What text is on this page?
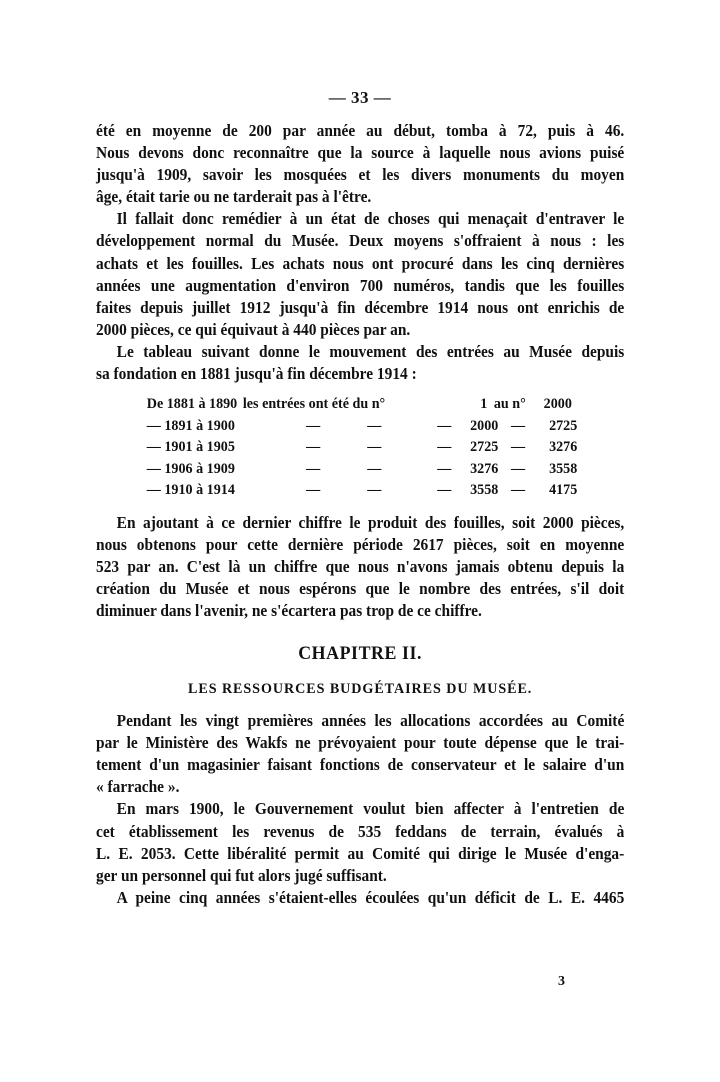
— 33 —
été en moyenne de 200 par année au début, tomba à 72, puis à 46.
Nous devons donc reconnaître que la source à laquelle nous avions puisé
jusqu'à 1909, savoir les mosquées et les divers monuments du moyen
âge, était tarie ou ne tarderait pas à l'être.
Il fallait donc remédier à un état de choses qui menaçait d'entraver le
développement normal du Musée. Deux moyens s'offraient à nous : les
achats et les fouilles. Les achats nous ont procuré dans les cinq dernières
années une augmentation d'environ 700 numéros, tandis que les fouilles
faites depuis juillet 1912 jusqu'à fin décembre 1914 nous ont enrichis de
2000 pièces, ce qui équivaut à 440 pièces par an.
Le tableau suivant donne le mouvement des entrées au Musée depuis
sa fondation en 1881 jusqu'à fin décembre 1914 :
De 1881 à 1890 les entrées ont été du n°	1 au n°	2000
— 1891 à 1900	—	—	—	2000 —	2725
— 1901 à 1905	—	—	—	2725 —	3276
— 1906 à 1909	—	—	—	3276 —	3558
— 1910 à 1914	—	—	—	3558 —	4175
En ajoutant à ce dernier chiffre le produit des fouilles, soit 2000 pièces,
nous obtenons pour cette dernière période 2617 pièces, soit en moyenne
523 par an. C'est là un chiffre que nous n'avons jamais obtenu depuis la
création du Musée et nous espérons que le nombre des entrées, s'il doit
diminuer dans l'avenir, ne s'écartera pas trop de ce chiffre.
CHAPITRE II.
LES RESSOURCES BUDGÉTAIRES DU MUSÉE.
Pendant les vingt premières années les allocations accordées au Comité
par le Ministère des Wakfs ne prévoyaient pour toute dépense que le trai-
tement d'un magasinier faisant fonctions de conservateur et le salaire d'un
« farrache ».
En mars 1900, le Gouvernement voulut bien affecter à l'entretien de
cet établissement les revenus de 535 feddans de terrain, évalués à
L. E. 2053. Cette libéralité permit au Comité qui dirige le Musée d'enga-
ger un personnel qui fut alors jugé suffisant.
A peine cinq années s'étaient-elles écoulées qu'un déficit de L. E. 4465
3
